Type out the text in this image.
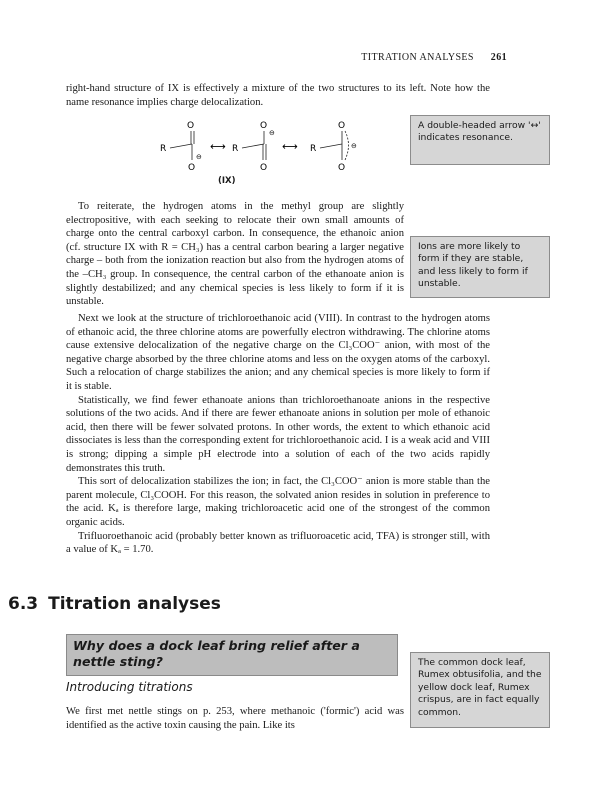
TITRATION ANALYSES 261

right-hand structure of IX is effectively a mixture of the two structures to its left. Note how the name resonance implies charge delocalization.

O
R
O
⊖
⟷
O
⊖
R
O
⟷
O
⊖
R
O
(IX)
A double-headed arrow '↔' indicates resonance.

To reiterate, the hydrogen atoms in the methyl group are slightly electropositive, with each seeking to relocate their own small amounts of charge onto the central carboxyl carbon. In consequence, the ethanoic anion (cf. structure IX with R = CH₃) has a central carbon bearing a larger negative charge – both from the ionization reaction but also from the hydrogen atoms of the –CH₃ group. In consequence, the central carbon of the ethanoate anion is slightly destabilized; and any chemical species is less likely to form if it is unstable.

Ions are more likely to form if they are stable, and less likely to form if unstable.

Next we look at the structure of trichloroethanoic acid (VIII). In contrast to the hydrogen atoms of ethanoic acid, the three chlorine atoms are powerfully electron withdrawing. The chlorine atoms cause extensive delocalization of the negative charge on the Cl₃COO⁻ anion, with most of the negative charge absorbed by the three chlorine atoms and less on the oxygen atoms of the carboxyl. Such a relocation of charge stabilizes the anion; and any chemical species is more likely to form if it is stable.

Statistically, we find fewer ethanoate anions than trichloroethanoate anions in the respective solutions of the two acids. And if there are fewer ethanoate anions in solution per mole of ethanoic acid, then there will be fewer solvated protons. In other words, the extent to which ethanoic acid dissociates is less than the corresponding extent for trichloroethanoic acid. I is a weak acid and VIII is strong; dipping a simple pH electrode into a solution of each of the two acids rapidly demonstrates this truth.

This sort of delocalization stabilizes the ion; in fact, the Cl₃COO⁻ anion is more stable than the parent molecule, Cl₃COOH. For this reason, the solvated anion resides in solution in preference to the acid. Kₐ is therefore large, making trichloroacetic acid one of the strongest of the common organic acids.

Trifluoroethanoic acid (probably better known as trifluoroacetic acid, TFA) is stronger still, with a value of Kₐ = 1.70.

6.3 Titration analyses
Why does a dock leaf bring relief after a nettle sting?
Introducing titrations
The common dock leaf, Rumex obtusifolia, and the yellow dock leaf, Rumex crispus, are in fact equally common.

We first met nettle stings on p. 253, where methanoic ('formic') acid was identified as the active toxin causing the pain. Like its
